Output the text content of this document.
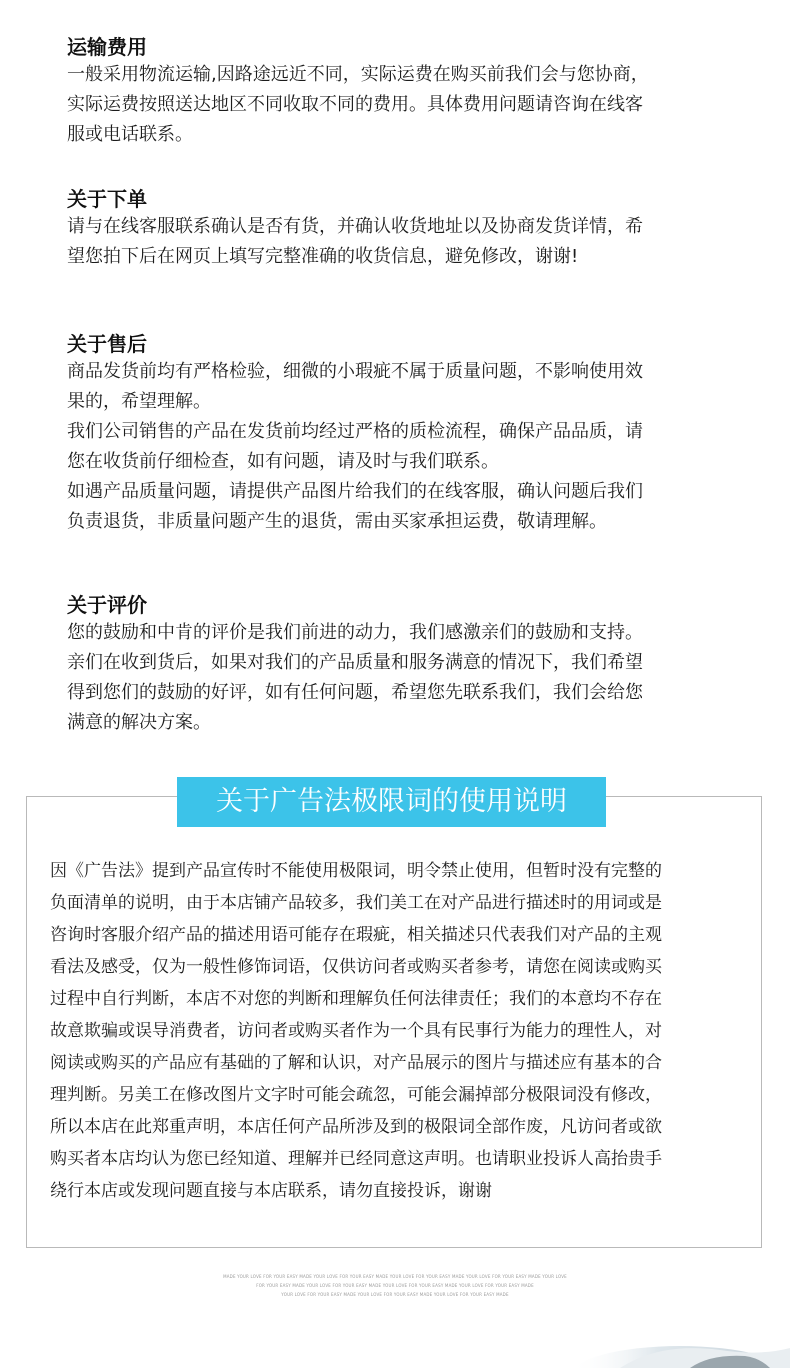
运输费用

一般采用物流运输,因路途远近不同，实际运费在购买前我们会与您协商，

实际运费按照送达地区不同收取不同的费用。具体费用问题请咨询在线客

服或电话联系。

关于下单

请与在线客服联系确认是否有货，并确认收货地址以及协商发货详情，希

望您拍下后在网页上填写完整准确的收货信息，避免修改，谢谢!

关于售后

商品发货前均有严格检验，细微的小瑕疵不属于质量问题，不影响使用效

果的，希望理解。

我们公司销售的产品在发货前均经过严格的质检流程，确保产品品质，请

您在收货前仔细检查，如有问题，请及时与我们联系。

如遇产品质量问题，请提供产品图片给我们的在线客服，确认问题后我们

负责退货，非质量问题产生的退货，需由买家承担运费，敬请理解。

关于评价

您的鼓励和中肯的评价是我们前进的动力，我们感激亲们的鼓励和支持。

亲们在收到货后，如果对我们的产品质量和服务满意的情况下，我们希望

得到您们的鼓励的好评，如有任何问题，希望您先联系我们，我们会给您

满意的解决方案。

关于广告法极限词的使用说明
因《广告法》提到产品宣传时不能使用极限词，明令禁止使用，但暂时没有完整的
负面清单的说明，由于本店铺产品较多，我们美工在对产品进行描述时的用词或是
咨询时客服介绍产品的描述用语可能存在瑕疵，相关描述只代表我们对产品的主观
看法及感受，仅为一般性修饰词语，仅供访问者或购买者参考，请您在阅读或购买
过程中自行判断，本店不对您的判断和理解负任何法律责任；我们的本意均不存在
故意欺骗或误导消费者，访问者或购买者作为一个具有民事行为能力的理性人，对
阅读或购买的产品应有基础的了解和认识，对产品展示的图片与描述应有基本的合
理判断。另美工在修改图片文字时可能会疏忽，可能会漏掉部分极限词没有修改，
所以本店在此郑重声明，本店任何产品所涉及到的极限词全部作废，凡访问者或欲
购买者本店均认为您已经知道、理解并已经同意这声明。也请职业投诉人高抬贵手
绕行本店或发现问题直接与本店联系，请勿直接投诉，谢谢
MADE YOUR LOVE FOR YOUR EASY MADE YOUR LOVE FOR YOUR EASY MADE YOUR LOVE FOR YOUR EASY MADE YOUR LOVE FOR YOUR EASY MADE YOUR LOVE
FOR YOUR EASY MADE YOUR LOVE FOR YOUR EASY MADE YOUR LOVE FOR YOUR EASY MADE YOUR LOVE FOR YOUR EASY MADE
YOUR LOVE FOR YOUR EASY MADE YOUR LOVE FOR YOUR EASY MADE YOUR LOVE FOR YOUR EASY MADE
